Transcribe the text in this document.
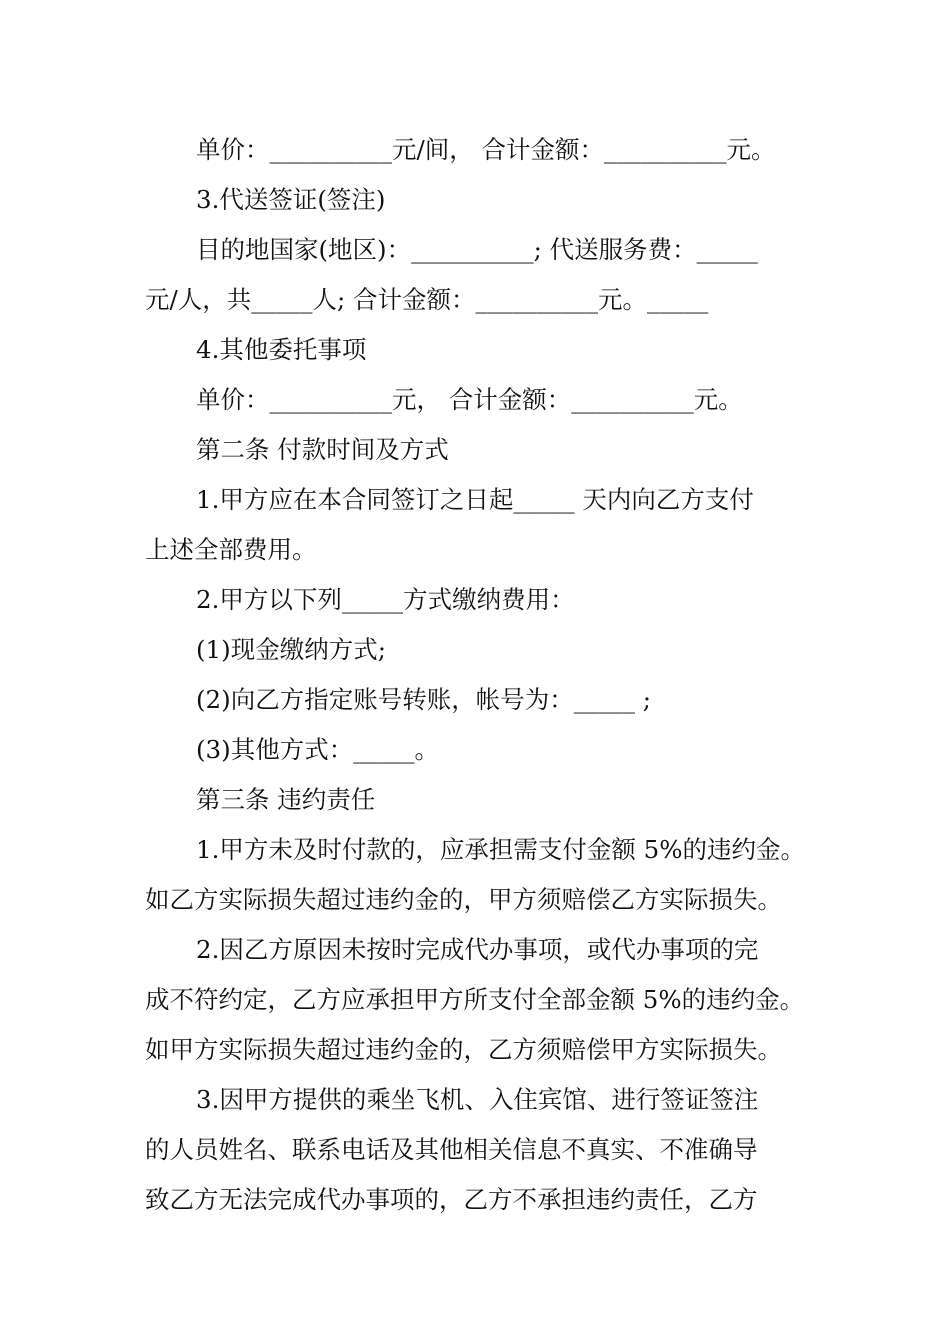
单价：__________元/间， 合计金额：__________元。
3.代送签证(签注)
目的地国家(地区)：__________; 代送服务费：_____
元/人，共_____人; 合计金额：__________元。_____
4.其他委托事项
单价：__________元， 合计金额：__________元。
第二条 付款时间及方式
1.甲方应在本合同签订之日起_____ 天内向乙方支付
上述全部费用。
2.甲方以下列_____方式缴纳费用：
(1)现金缴纳方式;
(2)向乙方指定账号转账，帐号为：_____ ;
(3)其他方式：_____。
第三条 违约责任
1.甲方未及时付款的，应承担需支付金额 5%的违约金。
如乙方实际损失超过违约金的，甲方须赔偿乙方实际损失。
2.因乙方原因未按时完成代办事项，或代办事项的完
成不符约定，乙方应承担甲方所支付全部金额 5%的违约金。
如甲方实际损失超过违约金的，乙方须赔偿甲方实际损失。
3.因甲方提供的乘坐飞机、入住宾馆、进行签证签注
的人员姓名、联系电话及其他相关信息不真实、不准确导
致乙方无法完成代办事项的，乙方不承担违约责任，乙方
